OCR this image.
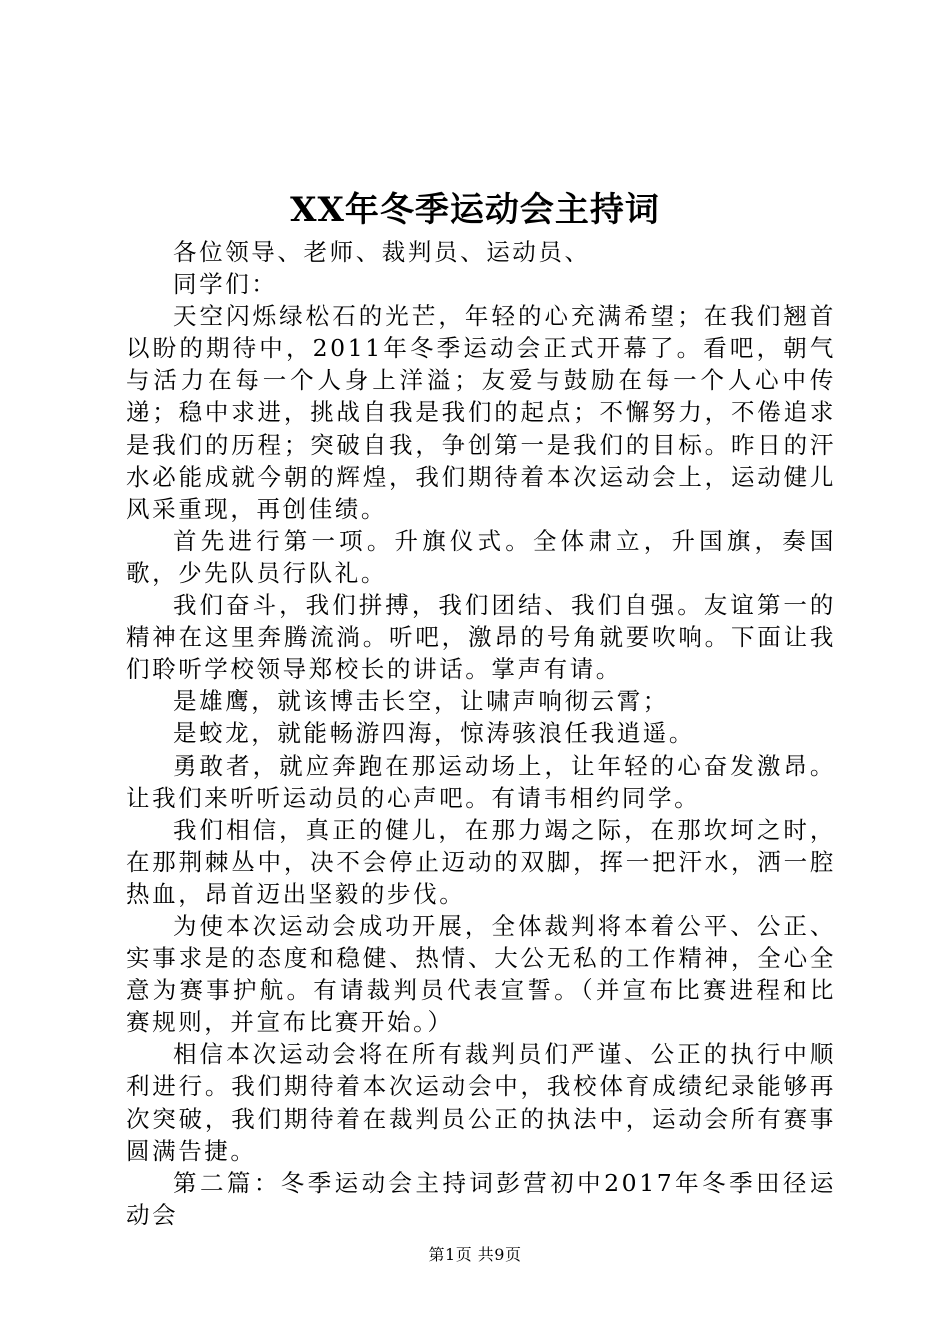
XX年冬季运动会主持词

各位领导、老师、裁判员、运动员、

同学们：

天空闪烁绿松石的光芒，年轻的心充满希望；在我们翘首以盼的期待中，2011年冬季运动会正式开幕了。看吧，朝气与活力在每一个人身上洋溢；友爱与鼓励在每一个人心中传递；稳中求进，挑战自我是我们的起点；不懈努力，不倦追求是我们的历程；突破自我，争创第一是我们的目标。昨日的汗水必能成就今朝的辉煌，我们期待着本次运动会上，运动健儿风采重现，再创佳绩。

首先进行第一项。升旗仪式。全体肃立，升国旗，奏国歌，少先队员行队礼。

我们奋斗，我们拼搏，我们团结、我们自强。友谊第一的精神在这里奔腾流淌。听吧，激昂的号角就要吹响。下面让我们聆听学校领导郑校长的讲话。掌声有请。

是雄鹰，就该博击长空，让啸声响彻云霄；

是蛟龙，就能畅游四海，惊涛骇浪任我逍遥。

勇敢者，就应奔跑在那运动场上，让年轻的心奋发激昂。让我们来听听运动员的心声吧。有请韦相约同学。

我们相信，真正的健儿，在那力竭之际，在那坎坷之时，在那荆棘丛中，决不会停止迈动的双脚，挥一把汗水，洒一腔热血，昂首迈出坚毅的步伐。

为使本次运动会成功开展，全体裁判将本着公平、公正、实事求是的态度和稳健、热情、大公无私的工作精神，全心全意为赛事护航。有请裁判员代表宣誓。（并宣布比赛进程和比赛规则，并宣布比赛开始。）

相信本次运动会将在所有裁判员们严谨、公正的执行中顺利进行。我们期待着本次运动会中，我校体育成绩纪录能够再次突破，我们期待着在裁判员公正的执法中，运动会所有赛事圆满告捷。

第二篇：冬季运动会主持词彭营初中2017年冬季田径运动会

第1页 共9页
